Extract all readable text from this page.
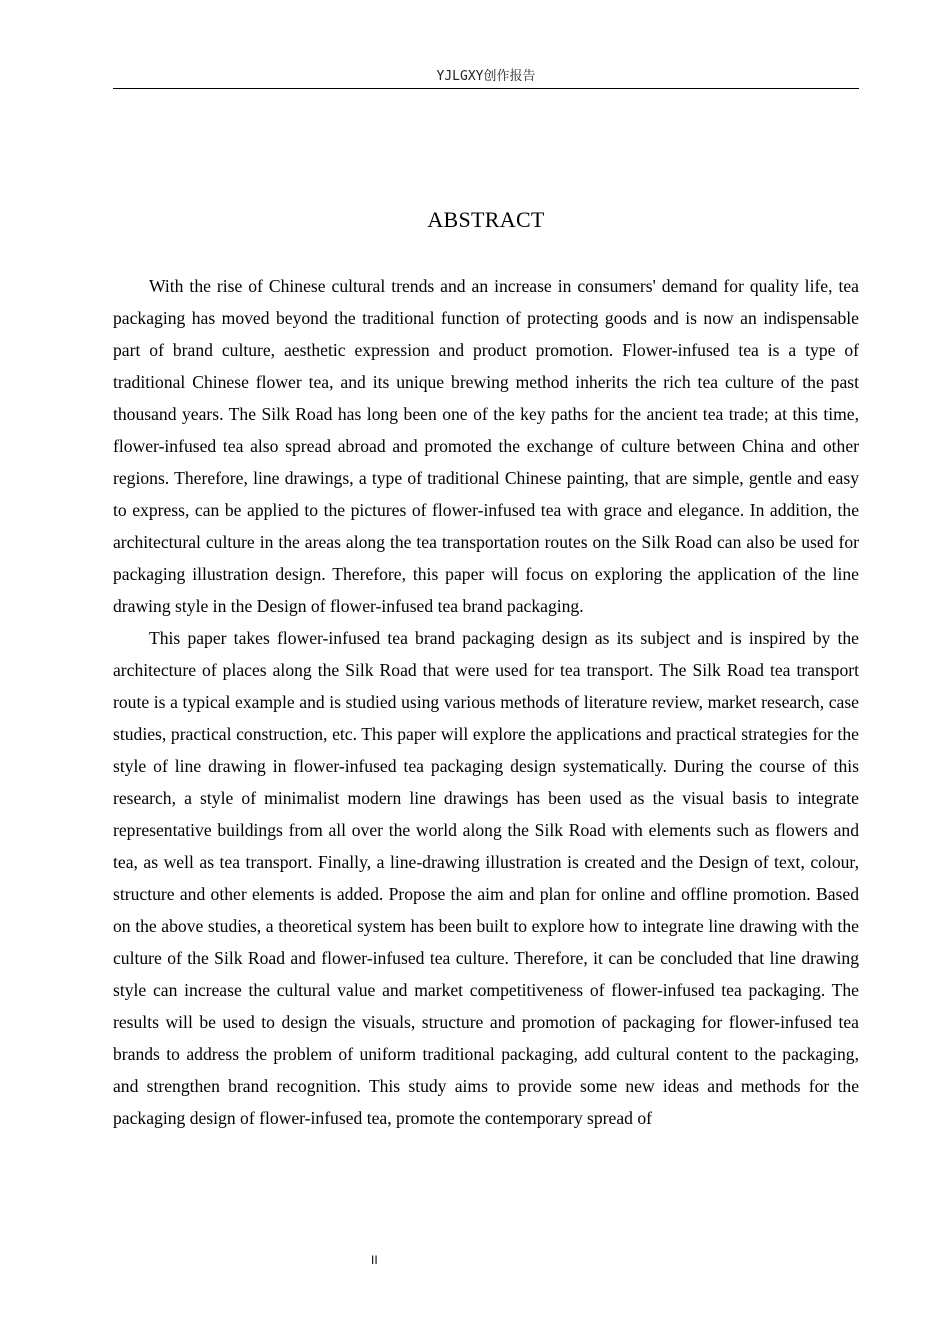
YJLGXY创作报告
ABSTRACT

With the rise of Chinese cultural trends and an increase in consumers' demand for quality life, tea packaging has moved beyond the traditional function of protecting goods and is now an indispensable part of brand culture, aesthetic expression and product promotion. Flower-infused tea is a type of traditional Chinese flower tea, and its unique brewing method inherits the rich tea culture of the past thousand years. The Silk Road has long been one of the key paths for the ancient tea trade; at this time, flower-infused tea also spread abroad and promoted the exchange of culture between China and other regions. Therefore, line drawings, a type of traditional Chinese painting, that are simple, gentle and easy to express, can be applied to the pictures of flower-infused tea with grace and elegance. In addition, the architectural culture in the areas along the tea transportation routes on the Silk Road can also be used for packaging illustration design. Therefore, this paper will focus on exploring the application of the line drawing style in the Design of flower-infused tea brand packaging.

This paper takes flower-infused tea brand packaging design as its subject and is inspired by the architecture of places along the Silk Road that were used for tea transport. The Silk Road tea transport route is a typical example and is studied using various methods of literature review, market research, case studies, practical construction, etc. This paper will explore the applications and practical strategies for the style of line drawing in flower-infused tea packaging design systematically. During the course of this research, a style of minimalist modern line drawings has been used as the visual basis to integrate representative buildings from all over the world along the Silk Road with elements such as flowers and tea, as well as tea transport. Finally, a line-drawing illustration is created and the Design of text, colour, structure and other elements is added. Propose the aim and plan for online and offline promotion. Based on the above studies, a theoretical system has been built to explore how to integrate line drawing with the culture of the Silk Road and flower-infused tea culture. Therefore, it can be concluded that line drawing style can increase the cultural value and market competitiveness of flower-infused tea packaging. The results will be used to design the visuals, structure and promotion of packaging for flower-infused tea brands to address the problem of uniform traditional packaging, add cultural content to the packaging, and strengthen brand recognition. This study aims to provide some new ideas and methods for the packaging design of flower-infused tea, promote the contemporary spread of

II
